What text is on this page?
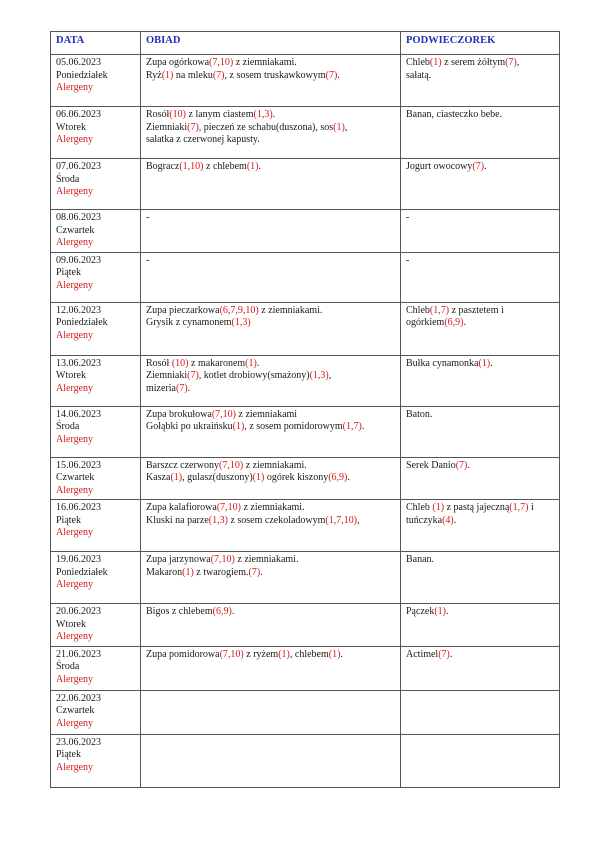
DATA	OBIAD	PODWIECZOREK

05.06.2023
Poniedziałek
Alergeny	Zupa ogórkowa(7,10) z ziemniakami.
Ryż(1) na mleku(7), z sosem truskawkowym(7).	Chleb(1) z serem żółtym(7),
sałatą.

06.06.2023
Wtorek
Alergeny	Rosół(10) z lanym ciastem(1,3).
Ziemniaki(7), pieczeń ze schabu(duszona), sos(1),
sałatka z czerwonej kapusty.	Banan, ciasteczko bebe.

07.06.2023
Środa
Alergeny	Bogracz(1,10) z chlebem(1).	Jogurt owocowy(7).

08.06.2023
Czwartek
Alergeny	-	-

09.06.2023
Piątek
Alergeny	-	-

12.06.2023
Poniedziałek
Alergeny	Zupa pieczarkowa(6,7,9,10) z ziemniakami.
Grysik z cynamonem(1,3)	Chleb(1,7) z pasztetem i
ogórkiem(6,9).

13.06.2023
Wtorek
Alergeny	Rosół (10) z makaronem(1).
Ziemniaki(7), kotlet drobiowy(smażony)(1,3),
mizeria(7).	Bułka cynamonka(1).

14.06.2023
Środa
Alergeny	Zupa brokułowa(7,10) z ziemniakami
Gołąbki po ukraińsku(1), z sosem pomidorowym(1,7).	Baton.

15.06.2023
Czwartek
Alergeny	Barszcz czerwony(7,10) z ziemniakami.
Kasza(1), gulasz(duszony)(1) ogórek kiszony(6,9).	Serek Danio(7).

16.06.2023
Piątek
Alergeny	Zupa kalafiorowa(7,10) z ziemniakami.
Kluski na parze(1,3) z sosem czekoladowym(1,7,10),	Chleb (1) z pastą jajeczną(1,7) i
tuńczyka(4).

19.06.2023
Poniedziałek
Alergeny	Zupa jarzynowa(7,10) z ziemniakami.
Makaron(1) z twarogiem.(7).	Banan.

20.06.2023
Wtorek
Alergeny	Bigos z chlebem(6,9).	Pączek(1).

21.06.2023
Środa
Alergeny	Zupa pomidorowa(7,10) z ryżem(1), chlebem(1).	Actimel(7).

22.06.2023
Czwartek
Alergeny		

23.06.2023
Piątek
Alergeny		
